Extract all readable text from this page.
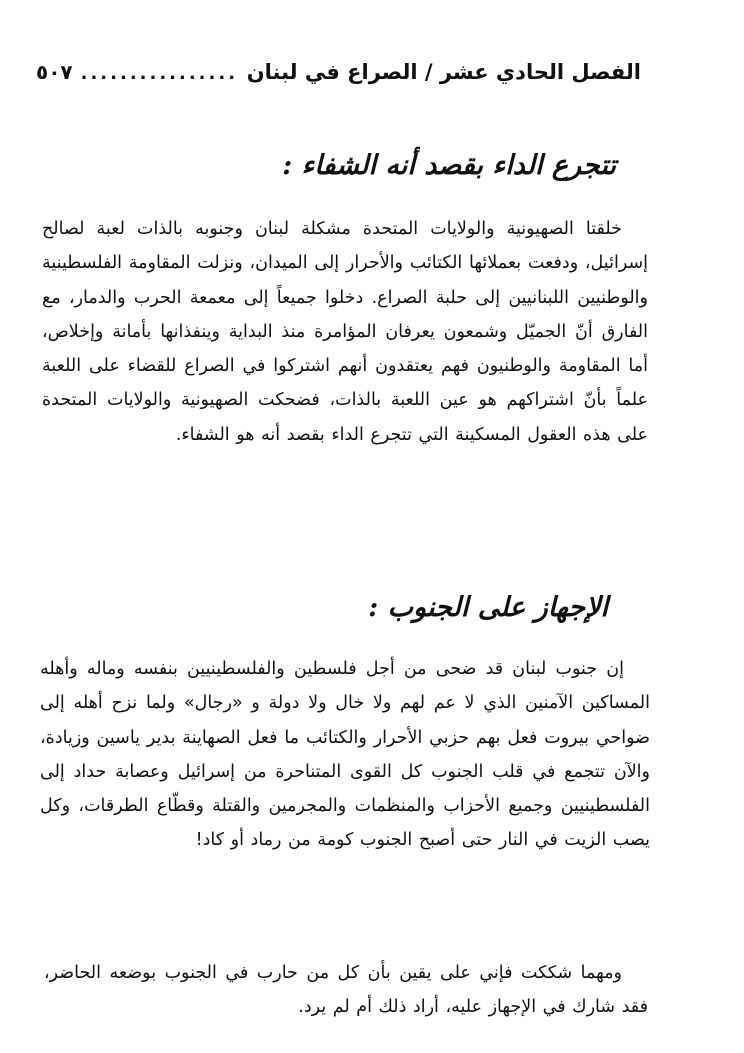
الفصل الحادي عشر / الصراع في لبنان
................
٥٠٧
تتجرع الداء بقصد أنه الشفاء :
خلقتا الصهيونية والولايات المتحدة مشكلة لبنان وجنوبه بالذات لعبة لصالح إسرائيل، ودفعت بعملائها الكتائب والأحرار إلى الميدان، ونزلت المقاومة الفلسطينية والوطنيين اللبنانيين إلى حلبة الصراع. دخلوا جميعاً إلى معمعة الحرب والدمار، مع الفارق أنّ الجميّل وشمعون يعرفان المؤامرة منذ البداية وينفذانها بأمانة وإخلاص، أما المقاومة والوطنيون فهم يعتقدون أنهم اشتركوا في الصراع للقضاء على اللعبة علماً بأنّ اشتراكهم هو عين اللعبة بالذات، فضحكت الصهيونية والولايات المتحدة على هذه العقول المسكينة التي تتجرع الداء بقصد أنه هو الشفاء.
الإجهاز على الجنوب :
إن جنوب لبنان قد ضحى من أجل فلسطين والفلسطينيين بنفسه وماله وأهله المساكين الآمنين الذي لا عم لهم ولا خال ولا دولة و «رجال» ولما نزح أهله إلى ضواحي بيروت فعل بهم حزبي الأحرار والكتائب ما فعل الصهاينة بدير ياسين وزيادة، والآن تتجمع في قلب الجنوب كل القوى المتناحرة من إسرائيل وعصابة حداد إلى الفلسطينيين وجميع الأحزاب والمنظمات والمجرمين والقتلة وقطّاع الطرقات، وكل يصب الزيت في النار حتى أصبح الجنوب كومة من رماد أو كاد!
ومهما شككت فإني على يقين بأن كل من حارب في الجنوب بوضعه الحاضر، فقد شارك في الإجهاز عليه، أراد ذلك أم لم يرد.
